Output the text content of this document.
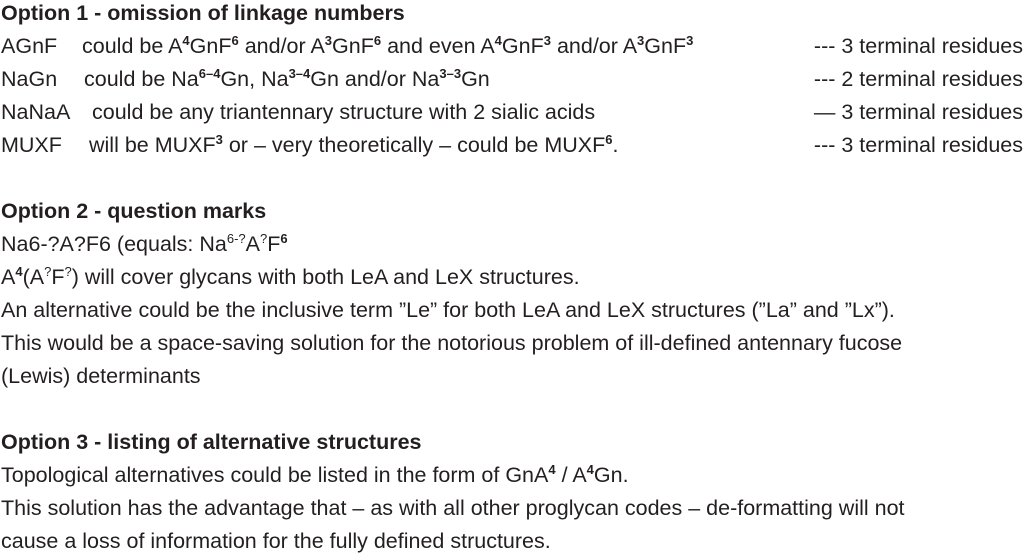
Option 1 - omission of linkage numbers
AGnF could be $A^4GnF^6$ and/or $A^3GnF^6$ and even $A^4GnF^3$ and/or $A^3GnF^3$	--- 3 terminal residues
NaGn could be Na$^{6-4}$Gn, Na$^{3-4}$Gn and/or Na$^{3-3}$Gn	--- 2 terminal residues
NaNaA could be any triantennary structure with 2 sialic acids	— 3 terminal residues
MUXF will be MUXF$^3$ or – very theoretically – could be MUXF$^6$.	--- 3 terminal residues
Option 2 - question marks
Na6-?A?F6 (equals: $Na^{6-?}A^?F^6$
$A^4(A^?F^?)$ will cover glycans with both LeA and LeX structures.
An alternative could be the inclusive term ”Le” for both LeA and LeX structures (”La” and ”Lx”).
This would be a space-saving solution for the notorious problem of ill-defined antennary fucose
(Lewis) determinants
Option 3 - listing of alternative structures
Topological alternatives could be listed in the form of $GnA^4 / A^4Gn$.
This solution has the advantage that – as with all other proglycan codes – de-formatting will not
cause a loss of information for the fully defined structures.
